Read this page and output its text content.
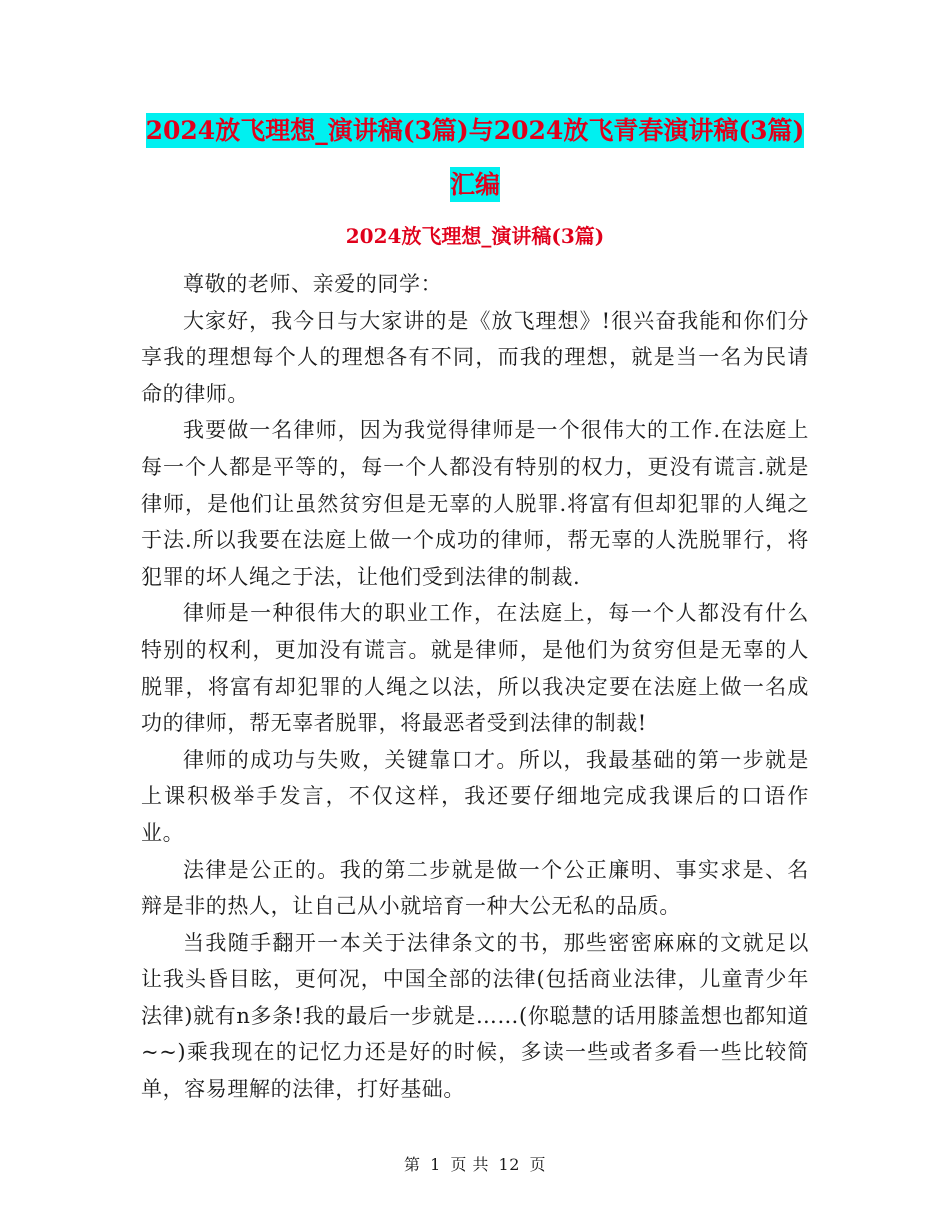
2024放飞理想_演讲稿(3篇)与2024放飞青春演讲稿(3篇)汇编
2024放飞理想_演讲稿(3篇)

尊敬的老师、亲爱的同学：

大家好，我今日与大家讲的是《放飞理想》!很兴奋我能和你们分享我的理想每个人的理想各有不同，而我的理想，就是当一名为民请命的律师。

我要做一名律师，因为我觉得律师是一个很伟大的工作.在法庭上每一个人都是平等的，每一个人都没有特别的权力，更没有谎言.就是律师，是他们让虽然贫穷但是无辜的人脱罪.将富有但却犯罪的人绳之于法.所以我要在法庭上做一个成功的律师，帮无辜的人洗脱罪行，将犯罪的坏人绳之于法，让他们受到法律的制裁.

律师是一种很伟大的职业工作，在法庭上，每一个人都没有什么特别的权利，更加没有谎言。就是律师，是他们为贫穷但是无辜的人脱罪，将富有却犯罪的人绳之以法，所以我决定要在法庭上做一名成功的律师，帮无辜者脱罪，将最恶者受到法律的制裁!

律师的成功与失败，关键靠口才。所以，我最基础的第一步就是上课积极举手发言，不仅这样，我还要仔细地完成我课后的口语作业。

法律是公正的。我的第二步就是做一个公正廉明、事实求是、名辩是非的热人，让自己从小就培育一种大公无私的品质。

当我随手翻开一本关于法律条文的书，那些密密麻麻的文就足以让我头昏目眩，更何况，中国全部的法律(包括商业法律，儿童青少年法律)就有n多条!我的最后一步就是……(你聪慧的话用膝盖想也都知道~~)乘我现在的记忆力还是好的时候，多读一些或者多看一些比较简单，容易理解的法律，打好基础。

第 1 页 共 12 页
